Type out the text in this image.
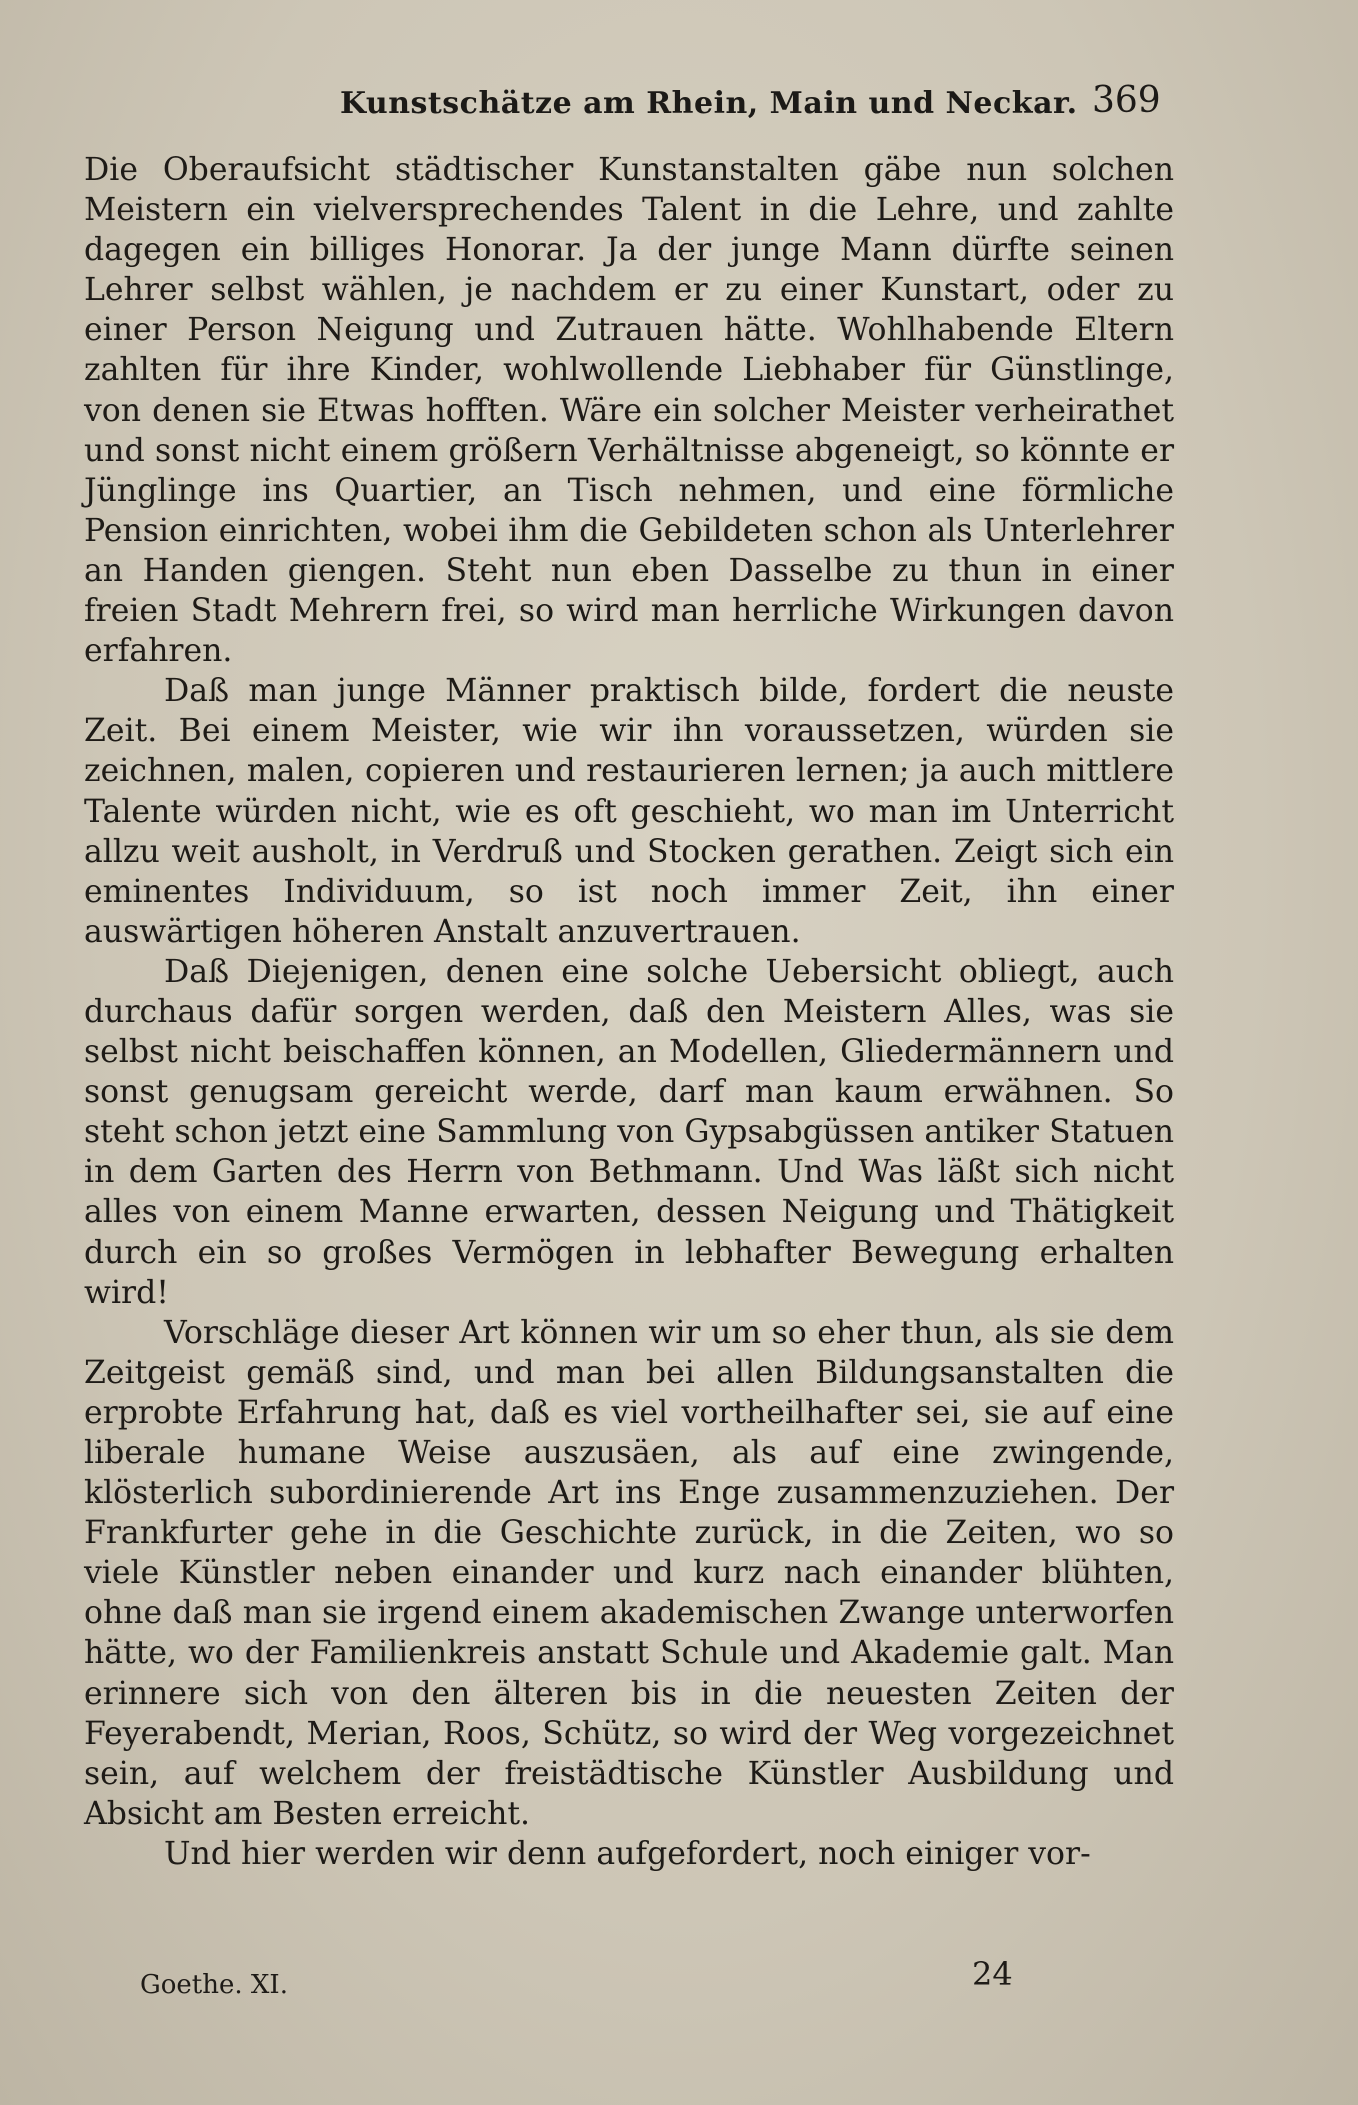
Kunstschätze am Rhein, Main und Neckar. 369

Die Oberaufsicht städtischer Kunstanstalten gäbe nun solchen Meistern ein vielversprechendes Talent in die Lehre, und zahlte dagegen ein billiges Honorar. Ja der junge Mann dürfte seinen Lehrer selbst wählen, je nachdem er zu einer Kunstart, oder zu einer Person Neigung und Zutrauen hätte. Wohlhabende Eltern zahlten für ihre Kinder, wohlwollende Liebhaber für Günstlinge, von denen sie Etwas hofften. Wäre ein solcher Meister verheirathet und sonst nicht einem größern Verhältnisse abgeneigt, so könnte er Jünglinge ins Quartier, an Tisch nehmen, und eine förmliche Pension einrichten, wobei ihm die Gebildeten schon als Unterlehrer an Handen giengen. Steht nun eben Dasselbe zu thun in einer freien Stadt Mehrern frei, so wird man herrliche Wirkungen davon erfahren.

Daß man junge Männer praktisch bilde, fordert die neuste Zeit. Bei einem Meister, wie wir ihn voraussetzen, würden sie zeichnen, malen, copieren und restaurieren lernen; ja auch mittlere Talente würden nicht, wie es oft geschieht, wo man im Unterricht allzu weit ausholt, in Verdruß und Stocken gerathen. Zeigt sich ein eminentes Individuum, so ist noch immer Zeit, ihn einer auswärtigen höheren Anstalt anzuvertrauen.

Daß Diejenigen, denen eine solche Uebersicht obliegt, auch durchaus dafür sorgen werden, daß den Meistern Alles, was sie selbst nicht beischaffen können, an Modellen, Gliedermännern und sonst genugsam gereicht werde, darf man kaum erwähnen. So steht schon jetzt eine Sammlung von Gypsabgüssen antiker Statuen in dem Garten des Herrn von Bethmann. Und Was läßt sich nicht alles von einem Manne erwarten, dessen Neigung und Thätigkeit durch ein so großes Vermögen in lebhafter Bewegung erhalten wird!

Vorschläge dieser Art können wir um so eher thun, als sie dem Zeitgeist gemäß sind, und man bei allen Bildungsanstalten die erprobte Erfahrung hat, daß es viel vortheilhafter sei, sie auf eine liberale humane Weise auszusäen, als auf eine zwingende, klösterlich subordinierende Art ins Enge zusammenzuziehen. Der Frankfurter gehe in die Geschichte zurück, in die Zeiten, wo so viele Künstler neben einander und kurz nach einander blühten, ohne daß man sie irgend einem akademischen Zwange unterworfen hätte, wo der Familienkreis anstatt Schule und Akademie galt. Man erinnere sich von den älteren bis in die neuesten Zeiten der Feyerabendt, Merian, Roos, Schütz, so wird der Weg vorgezeichnet sein, auf welchem der freistädtische Künstler Ausbildung und Absicht am Besten erreicht.

Und hier werden wir denn aufgefordert, noch einiger vor-

Goethe. XI.	24
